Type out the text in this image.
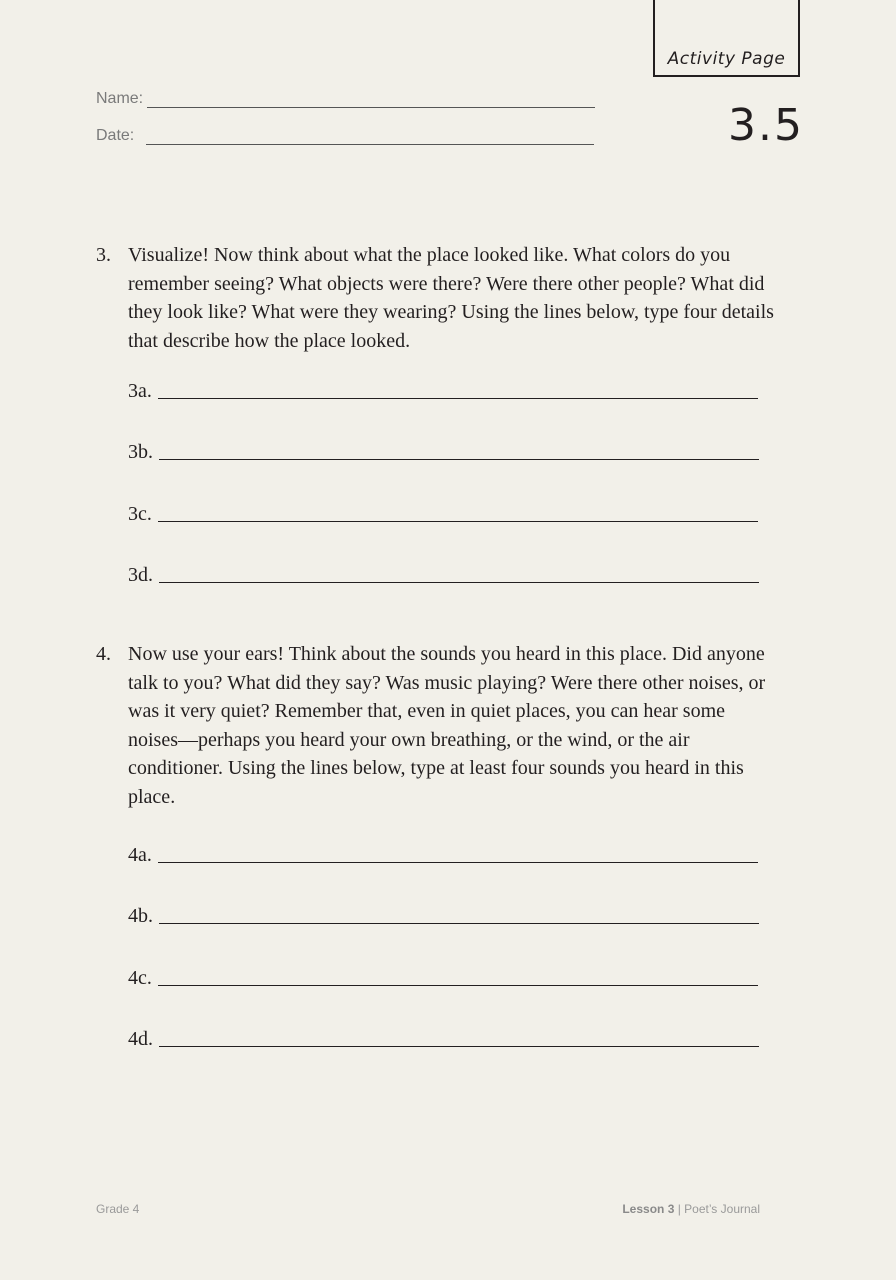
Name:
Date:
Activity Page
3.5
3. Visualize! Now think about what the place looked like. What colors do you remember seeing? What objects were there? Were there other people? What did they look like? What were they wearing? Using the lines below, type four details that describe how the place looked.
3a.
3b.
3c.
3d.
4. Now use your ears! Think about the sounds you heard in this place. Did anyone talk to you? What did they say? Was music playing? Were there other noises, or was it very quiet? Remember that, even in quiet places, you can hear some noises—perhaps you heard your own breathing, or the wind, or the air conditioner. Using the lines below, type at least four sounds you heard in this place.
4a.
4b.
4c.
4d.
Grade 4	Lesson 3 | Poet’s Journal
